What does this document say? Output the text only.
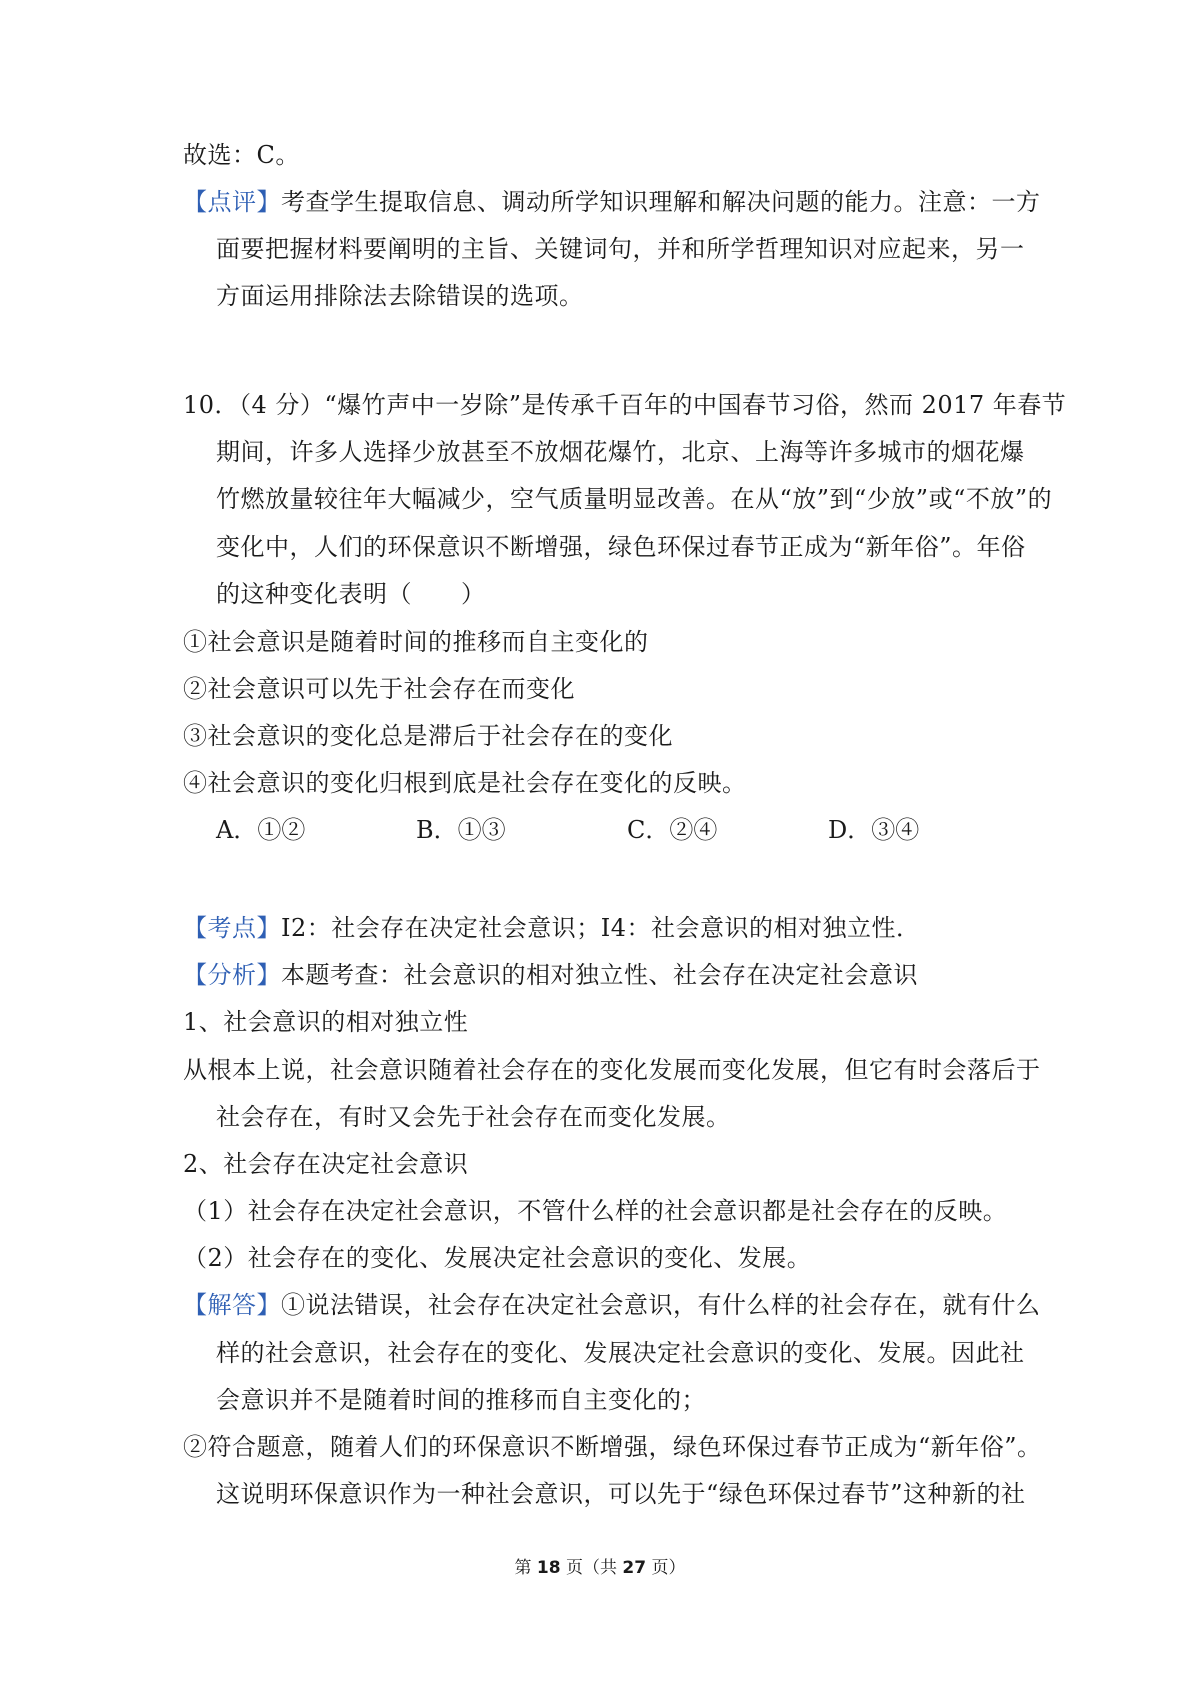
故选：C。
【点评】考查学生提取信息、调动所学知识理解和解决问题的能力。注意：一方
面要把握材料要阐明的主旨、关键词句，并和所学哲理知识对应起来，另一
方面运用排除法去除错误的选项。
10．（4 分）“爆竹声中一岁除”是传承千百年的中国春节习俗，然而 2017 年春节
期间，许多人选择少放甚至不放烟花爆竹，北京、上海等许多城市的烟花爆
竹燃放量较往年大幅减少，空气质量明显改善。在从“放”到“少放”或“不放”的
变化中，人们的环保意识不断增强，绿色环保过春节正成为“新年俗”。年俗
的这种变化表明（　　）
①社会意识是随着时间的推移而自主变化的
②社会意识可以先于社会存在而变化
③社会意识的变化总是滞后于社会存在的变化
④社会意识的变化归根到底是社会存在变化的反映。
A．①②	B．①③	C．②④	D．③④
【考点】I2：社会存在决定社会意识；I4：社会意识的相对独立性．
【分析】本题考查：社会意识的相对独立性、社会存在决定社会意识
1、社会意识的相对独立性
从根本上说，社会意识随着社会存在的变化发展而变化发展，但它有时会落后于
社会存在，有时又会先于社会存在而变化发展。
2、社会存在决定社会意识
（1）社会存在决定社会意识，不管什么样的社会意识都是社会存在的反映。
（2）社会存在的变化、发展决定社会意识的变化、发展。
【解答】①说法错误，社会存在决定社会意识，有什么样的社会存在，就有什么
样的社会意识，社会存在的变化、发展决定社会意识的变化、发展。因此社
会意识并不是随着时间的推移而自主变化的；
②符合题意，随着人们的环保意识不断增强，绿色环保过春节正成为“新年俗”。
这说明环保意识作为一种社会意识，可以先于“绿色环保过春节”这种新的社
第 18 页（共 27 页）
